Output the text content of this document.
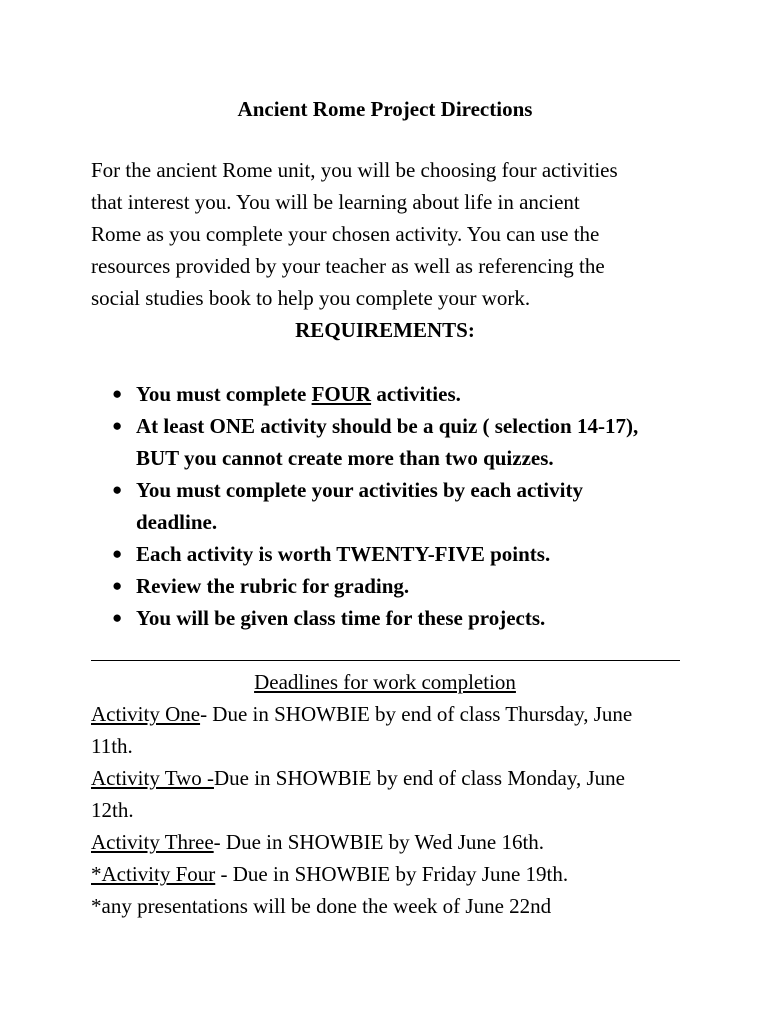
Ancient Rome Project Directions
For the ancient Rome unit, you will be choosing four activities
that interest you. You will be learning about life in ancient
Rome as you complete your chosen activity. You can use the
resources provided by your teacher as well as referencing the
social studies book to help you complete your work.
REQUIREMENTS:
● You must complete FOUR activities.
● At least ONE activity should be a quiz ( selection 14-17),
BUT you cannot create more than two quizzes.
● You must complete your activities by each activity
deadline.
● Each activity is worth TWENTY-FIVE points.
● Review the rubric for grading.
● You will be given class time for these projects.
Deadlines for work completion
Activity One- Due in SHOWBIE by end of class Thursday, June
11th.
Activity Two -Due in SHOWBIE by end of class Monday, June
12th.
Activity Three- Due in SHOWBIE by Wed June 16th.
*Activity Four - Due in SHOWBIE by Friday June 19th.
*any presentations will be done the week of June 22nd
